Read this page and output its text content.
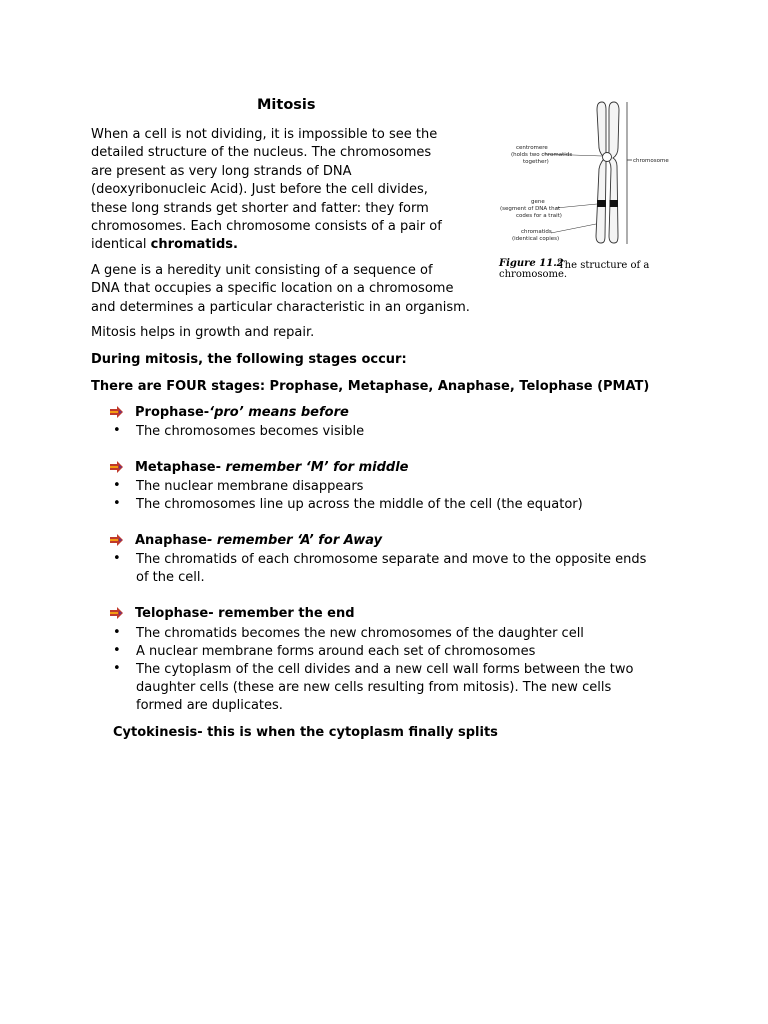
Mitosis
When a cell is not dividing, it is impossible to see the
detailed structure of the nucleus. The chromosomes
are present as very long strands of DNA
(deoxyribonucleic Acid). Just before the cell divides,
these long strands get shorter and fatter: they form
chromosomes. Each chromosome consists of a pair of
identical chromatids.
A gene is a heredity unit consisting of a sequence of
DNA that occupies a specific location on a chromosome
and determines a particular characteristic in an organism.
Mitosis helps in growth and repair.
During mitosis, the following stages occur:
There are FOUR stages: Prophase, Metaphase, Anaphase, Telophase (PMAT)
centromere
(holds two chromatids
together)	chromosome
gene
(segment of DNA that
codes for a trait)
chromatids
(identical copies)
Figure 11.2
The structure of a
chromosome.
Prophase-‘pro’ means before
• The chromosomes becomes visible
Metaphase- remember ‘M’ for middle
• The nuclear membrane disappears
• The chromosomes line up across the middle of the cell (the equator)
Anaphase- remember ‘A’ for Away
• The chromatids of each chromosome separate and move to the opposite ends
of the cell.
Telophase- remember the end
• The chromatids becomes the new chromosomes of the daughter cell
• A nuclear membrane forms around each set of chromosomes
• The cytoplasm of the cell divides and a new cell wall forms between the two
daughter cells (these are new cells resulting from mitosis). The new cells
formed are duplicates.
Cytokinesis- this is when the cytoplasm finally splits
